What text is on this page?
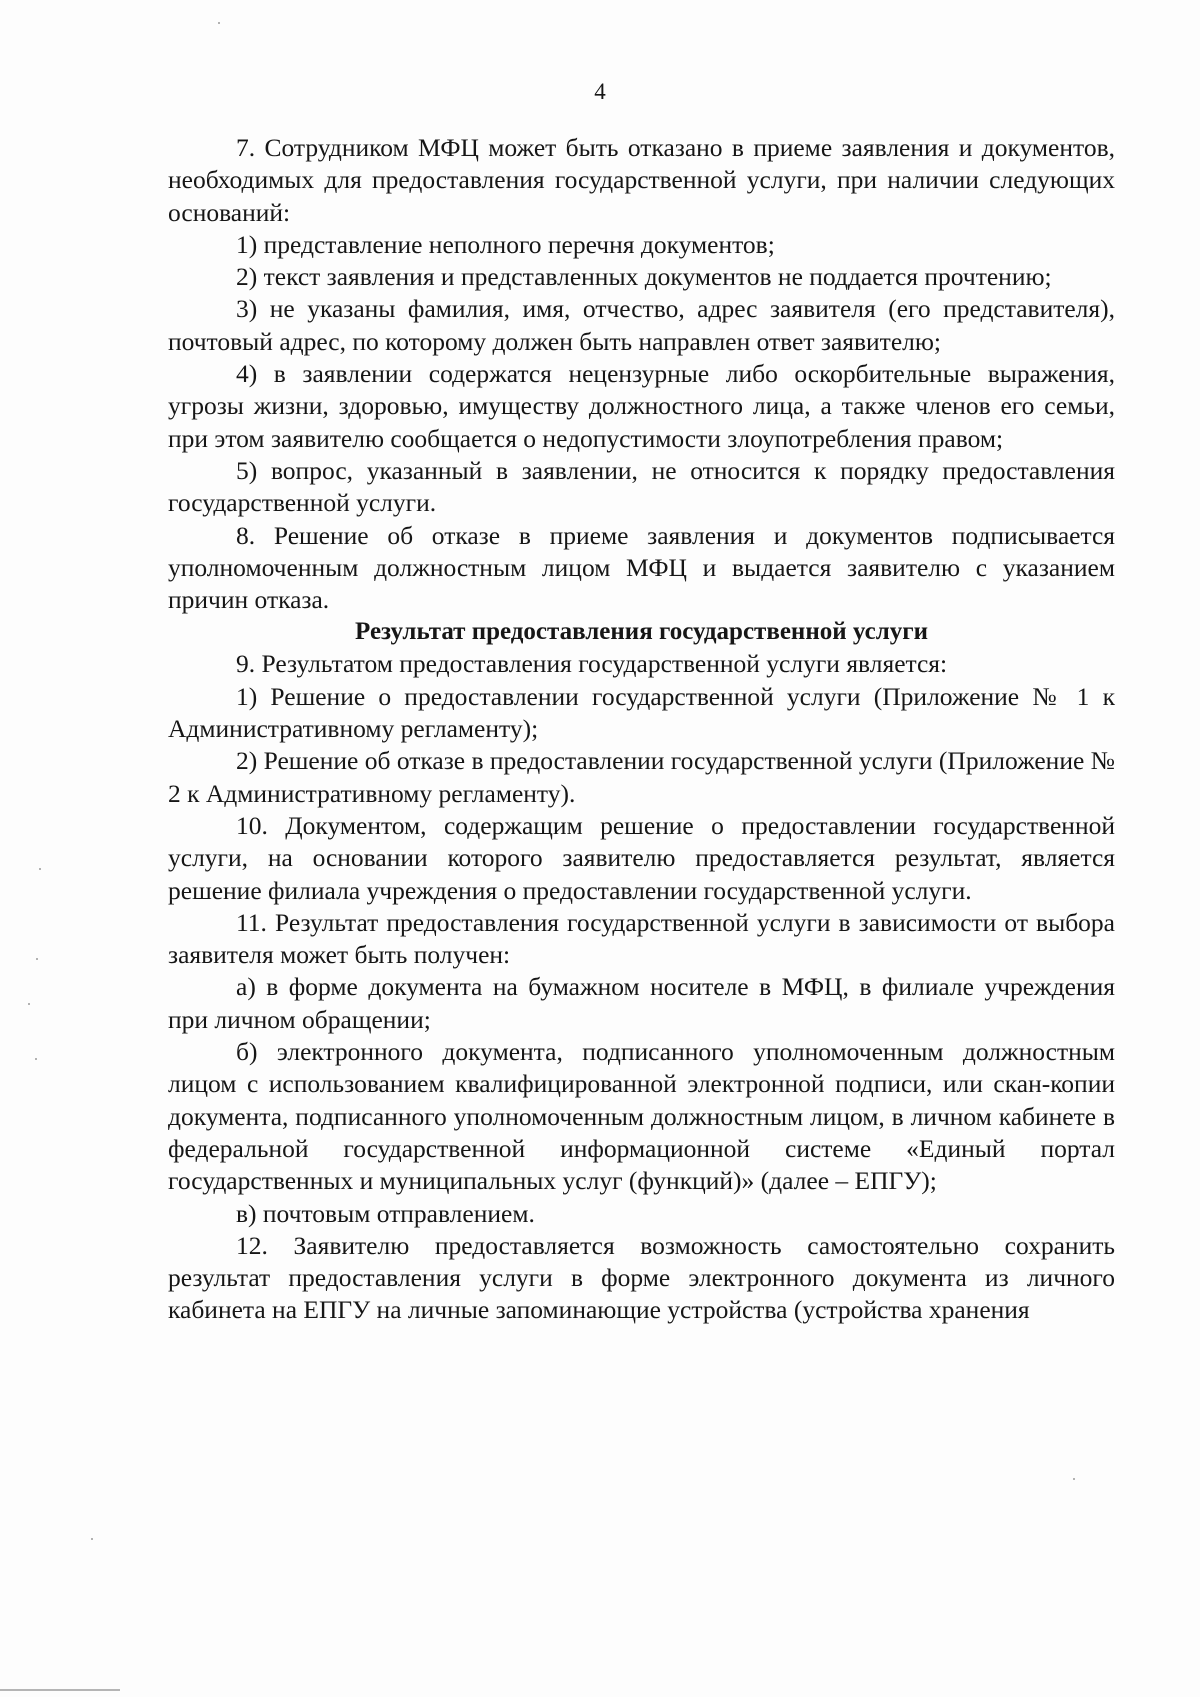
4

7. Сотрудником МФЦ может быть отказано в приеме заявления и документов, необходимых для предоставления государственной услуги, при наличии следующих оснований:

1) представление неполного перечня документов;

2) текст заявления и представленных документов не поддается прочтению;

3) не указаны фамилия, имя, отчество, адрес заявителя (его представителя), почтовый адрес, по которому должен быть направлен ответ заявителю;

4) в заявлении содержатся нецензурные либо оскорбительные выражения, угрозы жизни, здоровью, имуществу должностного лица, а также членов его семьи, при этом заявителю сообщается о недопустимости злоупотребления правом;

5) вопрос, указанный в заявлении, не относится к порядку предоставления государственной услуги.

8. Решение об отказе в приеме заявления и документов подписывается уполномоченным должностным лицом МФЦ и выдается заявителю с указанием причин отказа.

Результат предоставления государственной услуги

9. Результатом предоставления государственной услуги является:

1) Решение о предоставлении государственной услуги (Приложение № 1 к Административному регламенту);

2) Решение об отказе в предоставлении государственной услуги (Приложение № 2 к Административному регламенту).

10. Документом, содержащим решение о предоставлении государственной услуги, на основании которого заявителю предоставляется результат, является решение филиала учреждения о предоставлении государственной услуги.

11. Результат предоставления государственной услуги в зависимости от выбора заявителя может быть получен:

а) в форме документа на бумажном носителе в МФЦ, в филиале учреждения при личном обращении;

б) электронного документа, подписанного уполномоченным должностным лицом с использованием квалифицированной электронной подписи, или скан-копии документа, подписанного уполномоченным должностным лицом, в личном кабинете в федеральной государственной информационной системе «Единый портал государственных и муниципальных услуг (функций)» (далее – ЕПГУ);

в) почтовым отправлением.

12. Заявителю предоставляется возможность самостоятельно сохранить результат предоставления услуги в форме электронного документа из личного кабинета на ЕПГУ на личные запоминающие устройства (устройства хранения
